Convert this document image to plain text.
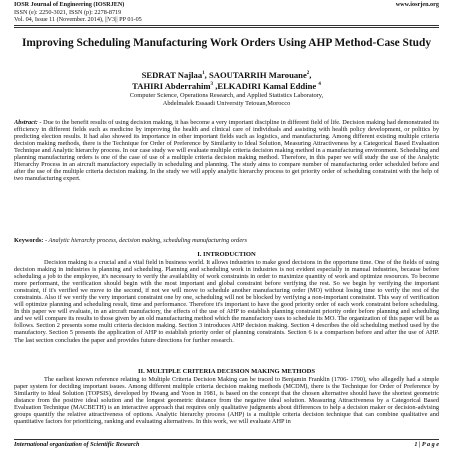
IOSR Journal of Engineering (IOSRJEN)
ISSN (e): 2250-3021, ISSN (p): 2278-8719
Vol. 04, Issue 11 (November. 2014), ||V3|| PP 01-05
www.iosrjen.org
Improving Scheduling Manufacturing Work Orders Using AHP Method-Case Study
SEDRAT Najlaa$^1$, SAOUTARRIH Marouane$^2$,
TAHIRI Abderrahim$^3$ ,ELKADIRI Kamal Eddine $^4$
Computer Science, Operations Research, and Applied Statistics Laboratory,
Abdelmalek Essaadi University Tetouan,Morocco
Abstract: - Due to the benefit results of using decision making, it has become a very important discipline in different field of life. Decision making had demonstrated its efficiency in different fields such as medicine by improving the health and clinical care of individuals and assisting with health policy development, or politics by predicting election results. It had also showed its importance in other important fields such as logistics, and manufacturing. Among different existing multiple criteria decision making methods, there is the Technique for Order of Preference by Similarity to Ideal Solution, Measuring Attractiveness by a Categorical Based Evaluation Technique and Analytic hierarchy process. In our case study we will evaluate multiple criteria decision making method in a manufacturing environment. Scheduling and planning manufacturing orders is one of the case of use of a multiple criteria decision making method. Therefore, in this paper we will study the use of the Analytic Hierarchy Process in an aircraft manufactory especially in scheduling and planning. The study aims to compare number of manufacturing order scheduled before and after the use of the multiple criteria decision making. In the study we will apply analytic hierarchy process to get priority order of scheduling constraint with the help of two manufacturing expert.
Keywords: - Analytic hierarchy process, decision making, scheduling manufacturing orders
I. INTRODUCTION
Decision making is a crucial and a vital field in business world. It allows industries to make good decisions in the opportune time. One of the fields of using decision making in industries is planning and scheduling. Planning and scheduling work in industries is not evident especially in manual industries, because before scheduling a job to the employee, it's necessary to verify the availability of work constraints in order to maximize quantity of work and optimize resources. To become more performant, the verification should begin with the most important and global constraint before verifying the rest. So we begin by verifying the important constraint, if it's verified we move to the second, if not we will move to schedule another manufacturing order (MO) without losing time to verify the rest of the constraints. Also if we verify the very important constraint one by one, scheduling will not be blocked by verifying a non-important constraint. This way of verification will optimize planning and scheduling result, time and performance. Therefore it's important to have the good priority order of each work constraint before scheduling. In this paper we will evaluate, in an aircraft manufactory, the effects of the use of AHP to establish planning constraint priority order before planning and scheduling and we will compare its results to those given by an old manufacturing method which the manufactory uses to schedule its MO. The organization of this paper will be as follows. Section 2 presents some multi criteria decision making. Section 3 introduces AHP decision making. Section 4 describes the old scheduling method used by the manufactory. Section 5 presents the application of AHP to establish priority order of planning constraints. Section 6 is a comparison before and after the use of AHP. The last section concludes the paper and provides future directions for further research.
II. MULTIPLE CRITERIA DECISION MAKING METHODS
The earliest known reference relating to Multiple Criteria Decision Making can be traced to Benjamin Franklin (1706- 1790), who allegedly had a simple paper system for deciding important issues. Among different multiple criteria decision making methods (MCDM), there is the Technique for Order of Preference by Similarity to Ideal Solution (TOPSIS), developed by Hwang and Yoon in 1981, is based on the concept that the chosen alternative should have the shortest geometric distance from the positive ideal solution and the longest geometric distance from the negative ideal solution. Measuring Attractiveness by a Categorical Based Evaluation Technique (MACBETH) is an interactive approach that requires only qualitative judgments about differences to help a decision maker or decision-advising groups quantify the relative attractiveness of options. Analytic hierarchy process (AHP) is a multiple criteria decision technique that can combine qualitative and quantitative factors for prioritizing, ranking and evaluating alternatives. In this work, we will evaluate AHP in
International organization of Scientific Research	1 | P a g e
